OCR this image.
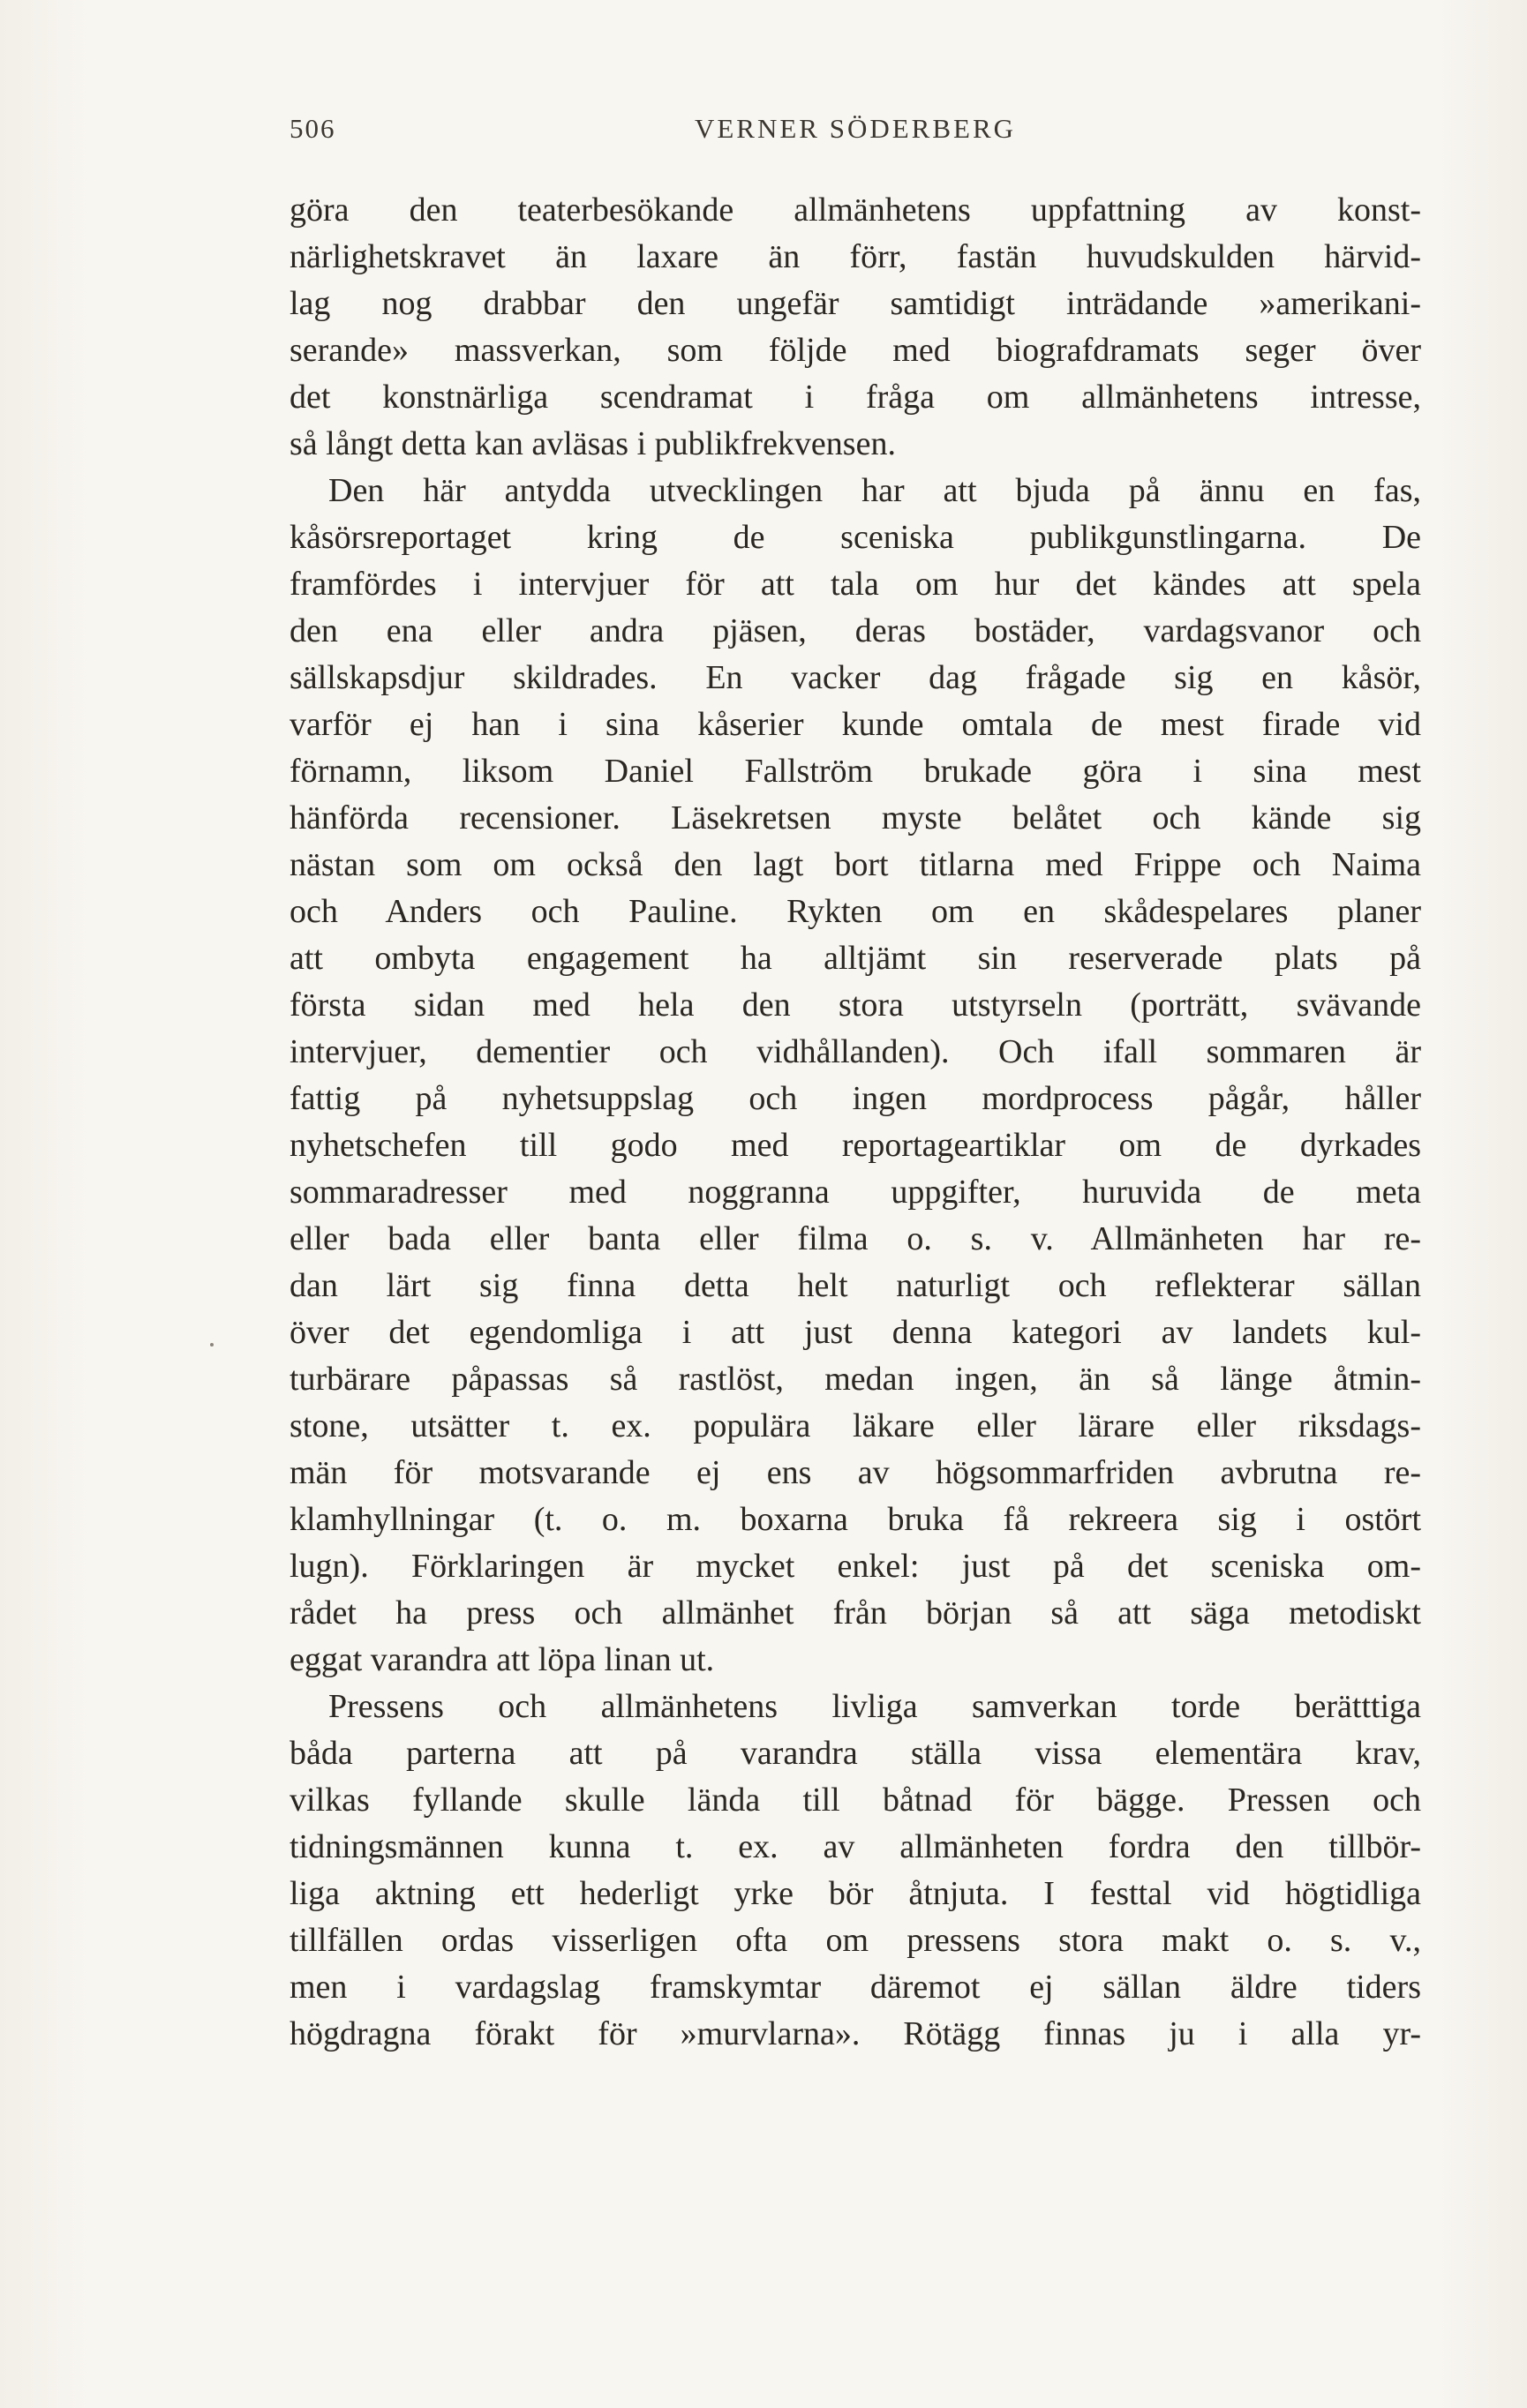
506	VERNER SÖDERBERG
göra den teaterbesökande allmänhetens uppfattning av konst-
närlighetskravet än laxare än förr, fastän huvudskulden härvid-
lag nog drabbar den ungefär samtidigt inträdande »amerikani-
serande» massverkan, som följde med biografdramats seger över
det konstnärliga scendramat i fråga om allmänhetens intresse,
så långt detta kan avläsas i publikfrekvensen.
Den här antydda utvecklingen har att bjuda på ännu en fas,
kåsörsreportaget kring de sceniska publikgunstlingarna. De
framfördes i intervjuer för att tala om hur det kändes att spela
den ena eller andra pjäsen, deras bostäder, vardagsvanor och
sällskapsdjur skildrades. En vacker dag frågade sig en kåsör,
varför ej han i sina kåserier kunde omtala de mest firade vid
förnamn, liksom Daniel Fallström brukade göra i sina mest
hänförda recensioner. Läsekretsen myste belåtet och kände sig
nästan som om också den lagt bort titlarna med Frippe och Naima
och Anders och Pauline. Rykten om en skådespelares planer
att ombyta engagement ha alltjämt sin reserverade plats på
första sidan med hela den stora utstyrseln (porträtt, svävande
intervjuer, dementier och vidhållanden). Och ifall sommaren är
fattig på nyhetsuppslag och ingen mordprocess pågår, håller
nyhetschefen till godo med reportageartiklar om de dyrkades
sommaradresser med noggranna uppgifter, huruvida de meta
eller bada eller banta eller filma o. s. v. Allmänheten har re-
dan lärt sig finna detta helt naturligt och reflekterar sällan
över det egendomliga i att just denna kategori av landets kul-
turbärare påpassas så rastlöst, medan ingen, än så länge åtmin-
stone, utsätter t. ex. populära läkare eller lärare eller riksdags-
män för motsvarande ej ens av högsommarfriden avbrutna re-
klamhyllningar (t. o. m. boxarna bruka få rekreera sig i ostört
lugn). Förklaringen är mycket enkel: just på det sceniska om-
rådet ha press och allmänhet från början så att säga metodiskt
eggat varandra att löpa linan ut.
Pressens och allmänhetens livliga samverkan torde berätttiga
båda parterna att på varandra ställa vissa elementära krav,
vilkas fyllande skulle lända till båtnad för bägge. Pressen och
tidningsmännen kunna t. ex. av allmänheten fordra den tillbör-
liga aktning ett hederligt yrke bör åtnjuta. I festtal vid högtidliga
tillfällen ordas visserligen ofta om pressens stora makt o. s. v.,
men i vardagslag framskymtar däremot ej sällan äldre tiders
högdragna förakt för »murvlarna». Rötägg finnas ju i alla yr-
